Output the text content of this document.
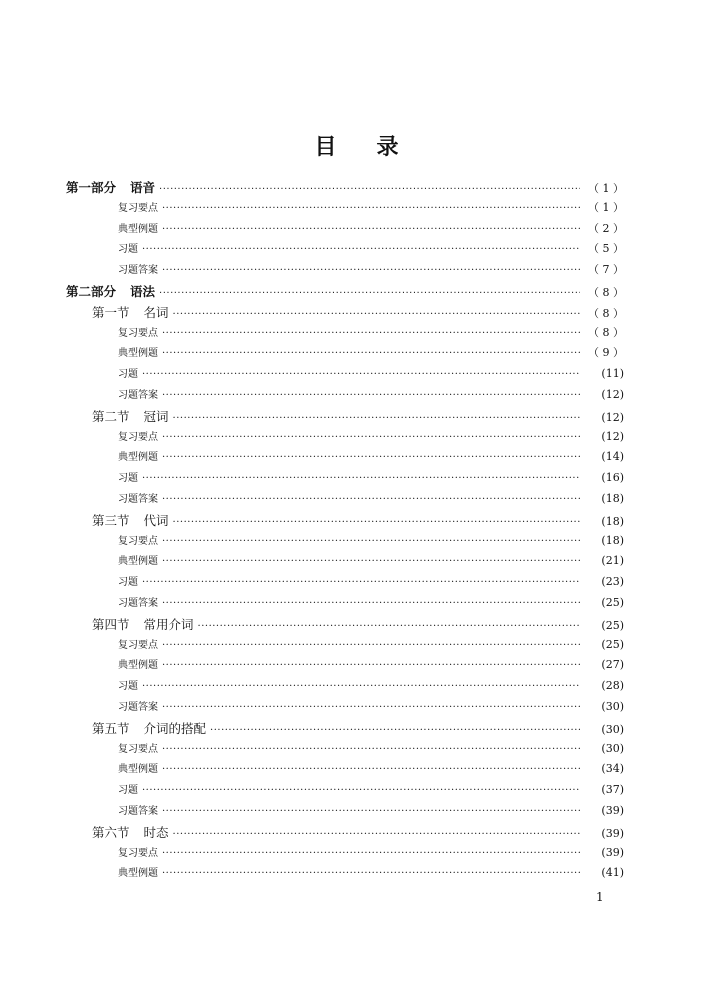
目录
第一部分 语音 ·····	（ 1 ）
复习要点 ·····	（ 1 ）
典型例题 ·····	（ 2 ）
习题 ·····	（ 5 ）
习题答案 ·····	（ 7 ）
第二部分 语法 ·····	（ 8 ）
第一节 名词 ·····	（ 8 ）
复习要点 ·····	（ 8 ）
典型例题 ·····	（ 9 ）
习题 ·····	(11)
习题答案 ·····	(12)
第二节 冠词 ·····	(12)
复习要点 ·····	(12)
典型例题 ·····	(14)
习题 ·····	(16)
习题答案 ·····	(18)
第三节 代词 ·····	(18)
复习要点 ·····	(18)
典型例题 ·····	(21)
习题 ·····	(23)
习题答案 ·····	(25)
第四节 常用介词 ·····	(25)
复习要点 ·····	(25)
典型例题 ·····	(27)
习题 ·····	(28)
习题答案 ·····	(30)
第五节 介词的搭配 ·····	(30)
复习要点 ·····	(30)
典型例题 ·····	(34)
习题 ·····	(37)
习题答案 ·····	(39)
第六节 时态 ·····	(39)
复习要点 ·····	(39)
典型例题 ·····	(41)
1
